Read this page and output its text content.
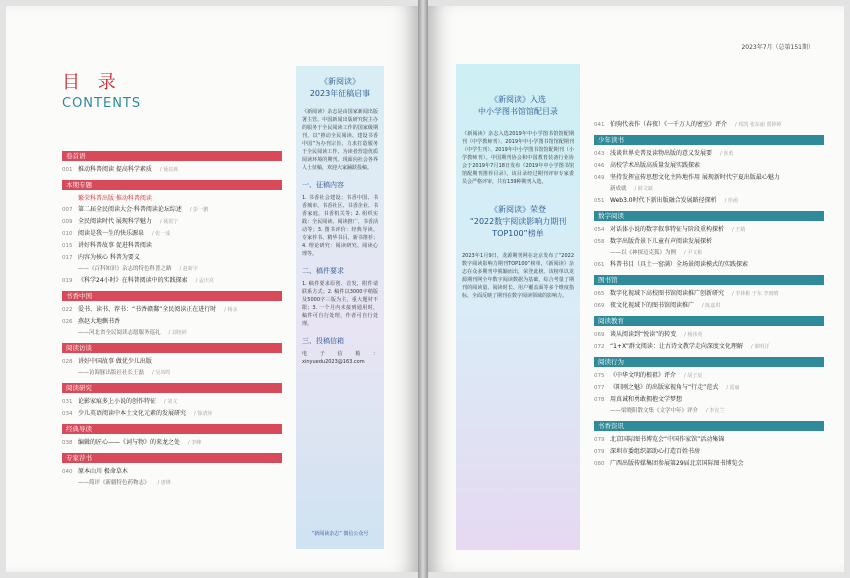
目 录
CONTENTS
卷首语
001 推动科普阅读 提高科学素质 / 聂辰席
本期专题
繁荣科普出版 推动科普阅读
007 第二届全民阅读大会·科普阅读论坛综述 / 彭一鹏
009 全民阅读时代 展现科学魅力 / 聂震宁
010 阅读是我一生的快乐源泉 / 张一成
015 讲好科普故事 促进科普阅读
017 内容为核心 科普为要义
——《百科知识》杂志的特色科普之路 / 赵新宇
019 《科学24小时》在科普阅读中的实践探索 / 孟庆亮
书香中国
022 爱书、读书、荐书：“书香赣鄱”全民阅读正在进行时 / 杨永
026 燕赵大地飘书香
——河北省全民阅读志愿服务巡礼 / 刘艳婷
阅读访谈
028 讲好中国故事 做优少儿出版
——访海豚出版社社长王磊 / 吴凤鸣
阅读研究
031 论影家痕多上小说的创作特征 / 刘文
034 少儿英语阅读中本土文化元素的发展研究 / 徐清萍
经典导读
038 编辑的匠心——《词与物》的来龙之处 / 李峰
专家荐书
040 原本山川 极命草木
——简评《新疆特色药物志》 / 唐锋
《新阅读》
2023年征稿启事
《新阅读》杂志是由国家新闻出版署主管、中国新闻出版研究院主办的服务于全民阅读工作的国家级期刊，以“推动全民阅读、建设书香中国”为办刊宗旨，力求打造服务于全民阅读工作、为读者营造优质阅读环境的期刊。现面向社会各界人士征稿，欢迎大家踊跃投稿。
一、征稿内容
1. 书香社会建设；书香中国、书香城市、书香社区、书香企业、书香家庭、书香机关等；2. 组织实践：全民阅读、阅读推广、书香活动等；3. 图书评价：经典导读、专家荐书、精华书目、新书推荐；4. 理论研究：阅读研究、阅读心理等。
二、稿件要求
1. 稿件要求原创、首发，附件请联系方式；2. 稿件以3000字稍版及5000字三版为主，重大题材不限；3. 一个月内未接到通用时，稿件可自行处理，作者可自行处理。
三、投稿信箱
电子信箱：xinyuedu2023@163.com
“新阅读杂志” 微信公众号
2023年7月（总第151期）
《新阅读》入选
中小学图书馆馆配目录
《新阅读》杂志入选2019年中小学图书馆馆配期刊（中学教师刊）、2019年中小学图书馆馆配期刊（中学生刊）、2019年中小学图书馆馆配期刊（小学教师刊）。中国期刊协会和中国教育装备行业协会于2019年7月18日发布《2019年中小学图书馆馆配期刊推荐目录》。该目录经过期刊评审专家委员会严格评审，共有139种期刊入选。
《新阅读》荣登
“2022数字阅读影响力期刊TOP100”榜单
2023年1月9日，龙源期刊网在北京发布了“2022数字阅读影响力期刊TOP100”榜单，《新阅读》杂志在众多期刊中脱颖而出，荣登此榜。该榜单以龙源期刊网全年数字阅读数据为基础，综合考量了期刊的阅读量、阅读时长、用户覆盖面等多个维度指标，全面反映了期刊在数字阅读领域的影响力。
041 伯驹代表作（春夜）《一千万人的密室》评介 / 邦凯 张东丽 贾婷婷
少年读书
043 浅谈世界史普及读物出版的意义发展要 / 喜勇
046 高校学术出版高质量发展实践探索
049 坚持发挥宣传思想文化主阵地作用 展现新时代宁夏出版最心魅力
新成就 / 薛文斌
051 Web3.0时代下新出版融合发展路径探析 / 佳函
数字阅读
054 对话体小说的数字叙事特征与阶段重构探析 / 王婧
058 数字出版背景下儿童有声阅读发展探析
——以《神探迈克狐》为例 / 尹文彬
061 科普书目（具土一窑满）全场景阅读模式的实践探索
图书馆
065 数字化视域下高校图书馆阅读推广创新研究 / 李林彬 于东 李雨晴
069 夜文化视域下的图书馆阅读推广 / 陈嘉琪
阅读教育
069 谈从阅读到“悦读”的转变 / 杨伟英
072 “1+X”群文阅读：让古诗文教学走向深度文化理解 / 秦明洋
阅读行为
075 《中华文明的根祖》评介 / 胡子辰
077 《阳刚之魅》的出版家视角与“行走”范式 / 雷丽
078 用真诚和勇敢拥抱文学梦想
——梁晓阳散文集《文学中年》评介 / 李克兰
书香资讯
079 北京国际图书博览会“中国作家馆”活动集锦
079 深圳市委组织部助心打造百姓书房
080 广西出版传媒集团参展第29届北京国际图书博览会
